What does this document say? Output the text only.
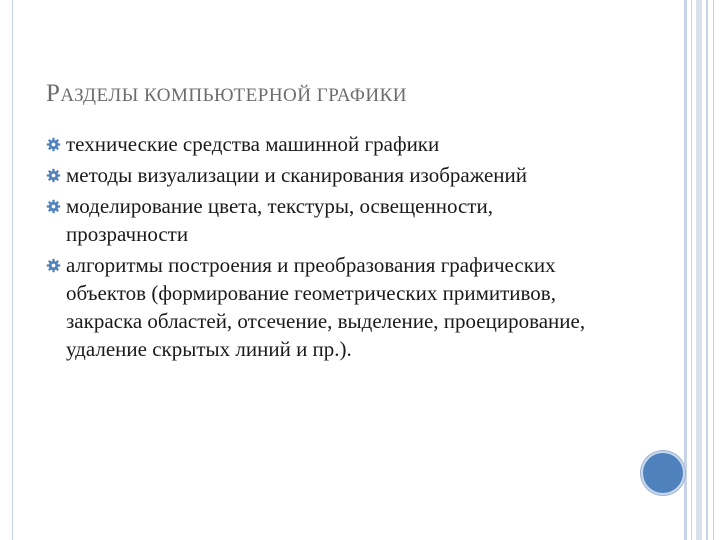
РАЗДЕЛЫ КОМПЬЮТЕРНОЙ ГРАФИКИ
технические средства машинной графики
методы визуализации и сканирования изображений
моделирование цвета, текстуры, освещенности, прозрачности
алгоритмы построения и преобразования графических объектов (формирование геометрических примитивов, закраска областей, отсечение, выделение, проецирование, удаление скрытых линий и пр.).
